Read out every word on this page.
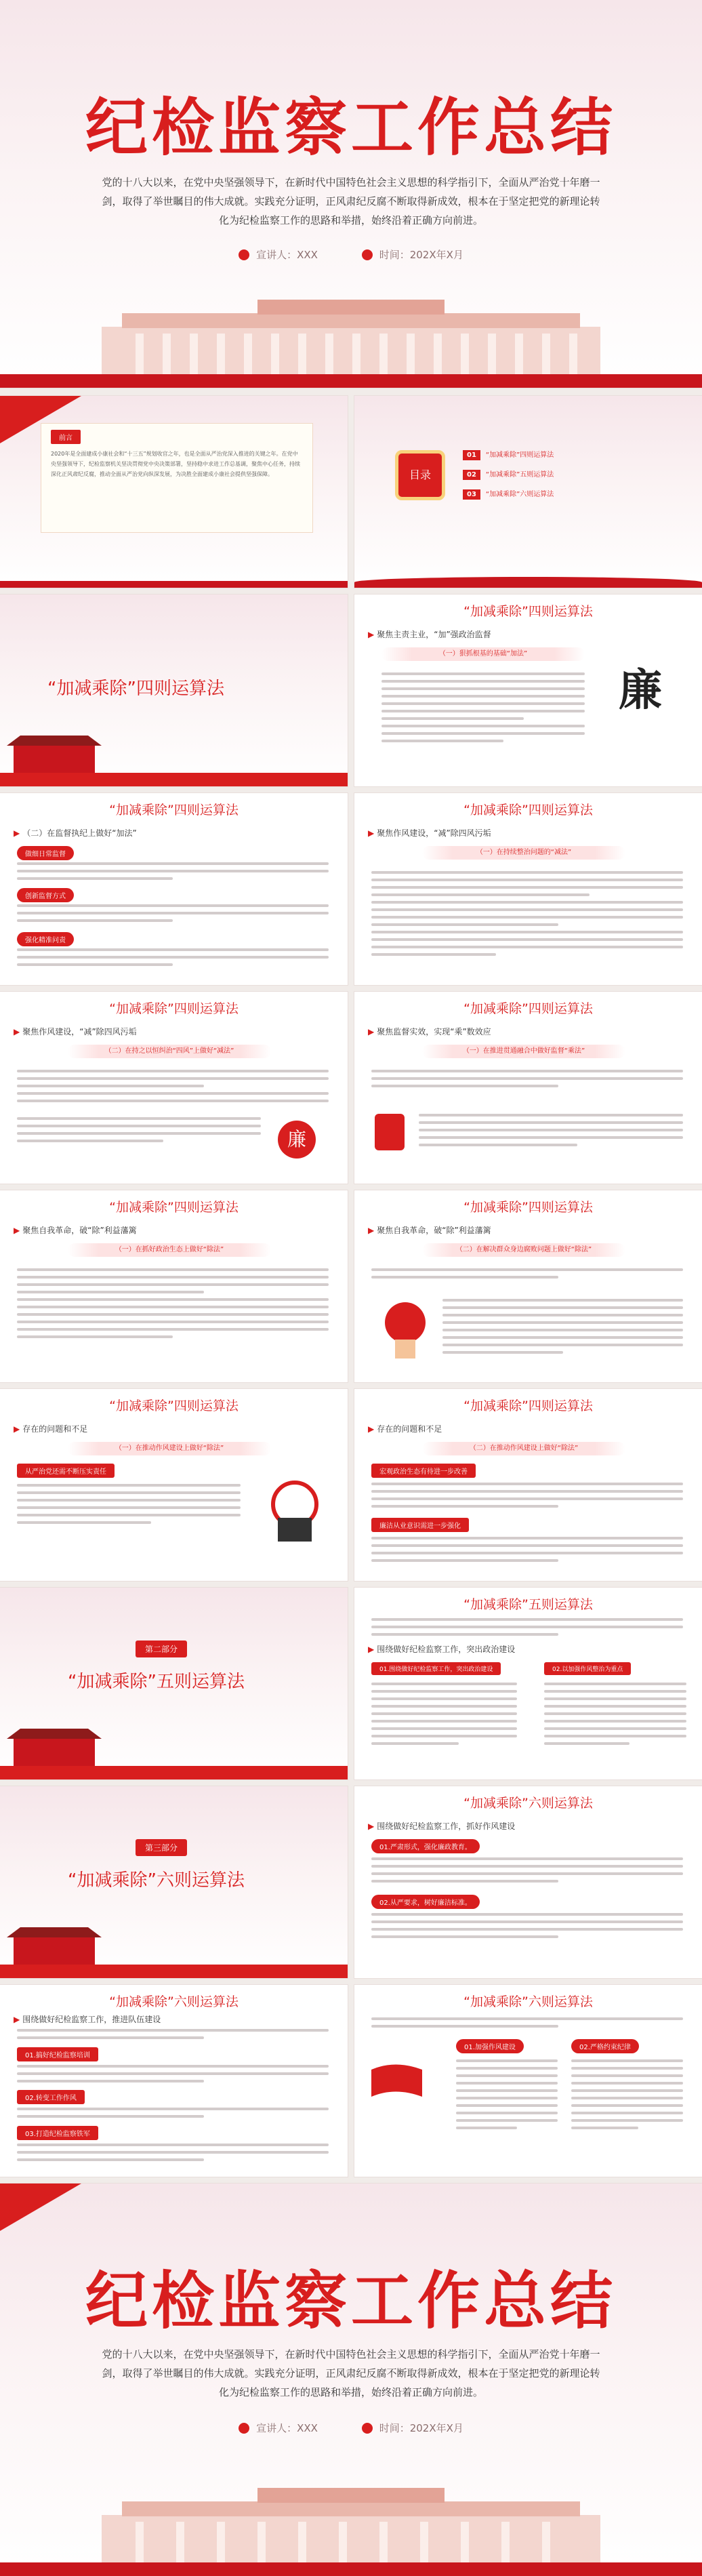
纪检监察工作总结
党的十八大以来，在党中央坚强领导下，在新时代中国特色社会主义思想的科学指引下，全面从严治党十年磨一剑，取得了举世瞩目的伟大成就。实践充分证明，正风肃纪反腐不断取得新成效，根本在于坚定把党的新理论转化为纪检监察工作的思路和举措，始终沿着正确方向前进。
宣讲人：XXX	时间：202X年X月
前言
2020年是全面建成小康社会和“十三五”规划收官之年，也是全面从严治党深入推进的关键之年。在党中央坚强领导下，纪检监察机关坚决贯彻党中央决策部署，坚持稳中求进工作总基调，聚焦中心任务，持续深化正风肃纪反腐，推动全面从严治党向纵深发展，为决胜全面建成小康社会提供坚强保障。	目录
01 “加减乘除”四则运算法
02 “加减乘除”五则运算法
03 “加减乘除”六则运算法
“加减乘除”四则运算法
“加减乘除”四则运算法
▶ 聚焦主责主业，“加”强政治监督
（一）狠抓根基的基础“加法”
廉
“加减乘除”四则运算法
▶ （二）在监督执纪上做好“加法”
做细日常监督
创新监督方式
强化精准问责
“加减乘除”四则运算法
▶ 聚焦作风建设，“减”除四风污垢
（一）在持续整治问题的“减法”
“加减乘除”四则运算法
▶ 聚焦作风建设，“减”除四风污垢
（二）在持之以恒纠治“四风”上做好“减法”
廉
“加减乘除”四则运算法
▶ 聚焦监督实效，实现“乘”数效应
（一）在推进贯通融合中做好监督“乘法”
“加减乘除”四则运算法
▶ 聚焦自我革命，破“除”利益藩篱
（一）在抓好政治生态上做好“除法”
“加减乘除”四则运算法
▶ 聚焦自我革命，破“除”利益藩篱
（二）在解决群众身边腐败问题上做好“除法”
“加减乘除”四则运算法
▶ 存在的问题和不足
（一）在推动作风建设上做好“除法”
从严治党还需不断压实责任
“加减乘除”四则运算法
▶ 存在的问题和不足
（二）在推动作风建设上做好“除法”
宏观政治生态有待进一步改善
廉洁从业意识需进一步强化
第二部分
“加减乘除”五则运算法
“加减乘除”五则运算法
▶ 围绕做好纪检监察工作，突出政治建设
01.围绕做好纪检监察工作，突出政治建设	02.以加强作风整治为重点
第三部分
“加减乘除”六则运算法
“加减乘除”六则运算法
▶ 围绕做好纪检监察工作，抓好作风建设
01.严肃形式，强化廉政教育。
02.从严要求，树好廉洁标准。
“加减乘除”六则运算法
▶ 围绕做好纪检监察工作，推进队伍建设
01.搞好纪检监察培训
02.转变工作作风
03.打造纪检监察铁军
“加减乘除”六则运算法
01.加强作风建设	02.严格约束纪律
纪检监察工作总结
党的十八大以来，在党中央坚强领导下，在新时代中国特色社会主义思想的科学指引下，全面从严治党十年磨一剑，取得了举世瞩目的伟大成就。实践充分证明，正风肃纪反腐不断取得新成效，根本在于坚定把党的新理论转化为纪检监察工作的思路和举措，始终沿着正确方向前进。
宣讲人：XXX	时间：202X年X月
